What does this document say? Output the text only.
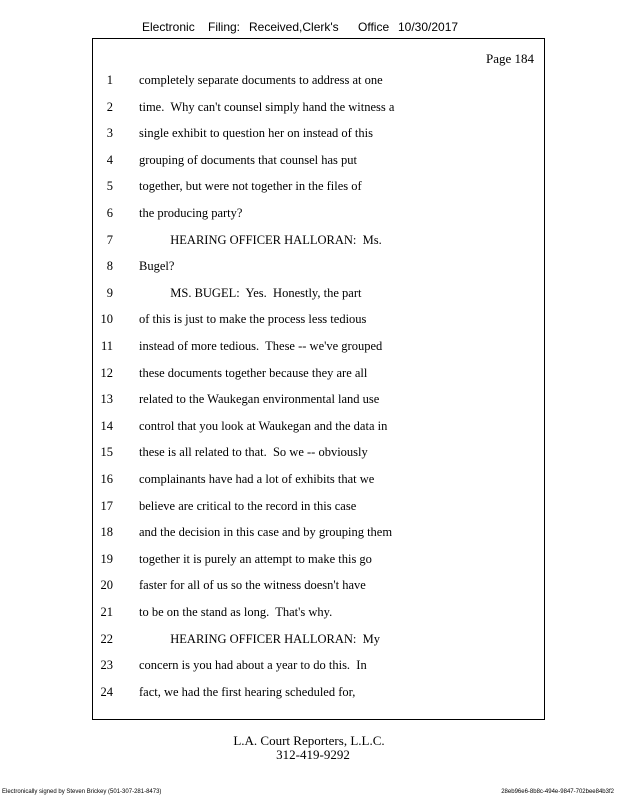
Electronic Filing: Received,Clerk's Office 10/30/2017
Page 184
1 completely separate documents to address at one
2 time.  Why can't counsel simply hand the witness a
3 single exhibit to question her on instead of this
4 grouping of documents that counsel has put
5 together, but were not together in the files of
6 the producing party?
7 HEARING OFFICER HALLORAN:  Ms.
8 Bugel?
9 MS. BUGEL:  Yes.  Honestly, the part
10 of this is just to make the process less tedious
11 instead of more tedious.  These -- we've grouped
12 these documents together because they are all
13 related to the Waukegan environmental land use
14 control that you look at Waukegan and the data in
15 these is all related to that.  So we -- obviously
16 complainants have had a lot of exhibits that we
17 believe are critical to the record in this case
18 and the decision in this case and by grouping them
19 together it is purely an attempt to make this go
20 faster for all of us so the witness doesn't have
21 to be on the stand as long.  That's why.
22 HEARING OFFICER HALLORAN:  My
23 concern is you had about a year to do this.  In
24 fact, we had the first hearing scheduled for,
L.A. Court Reporters, L.L.C.
312-419-9292
Electronically signed by Steven Brickey (501-307-281-8473)	28eb96e6-8b8c-494e-9847-702bee84b3f2
